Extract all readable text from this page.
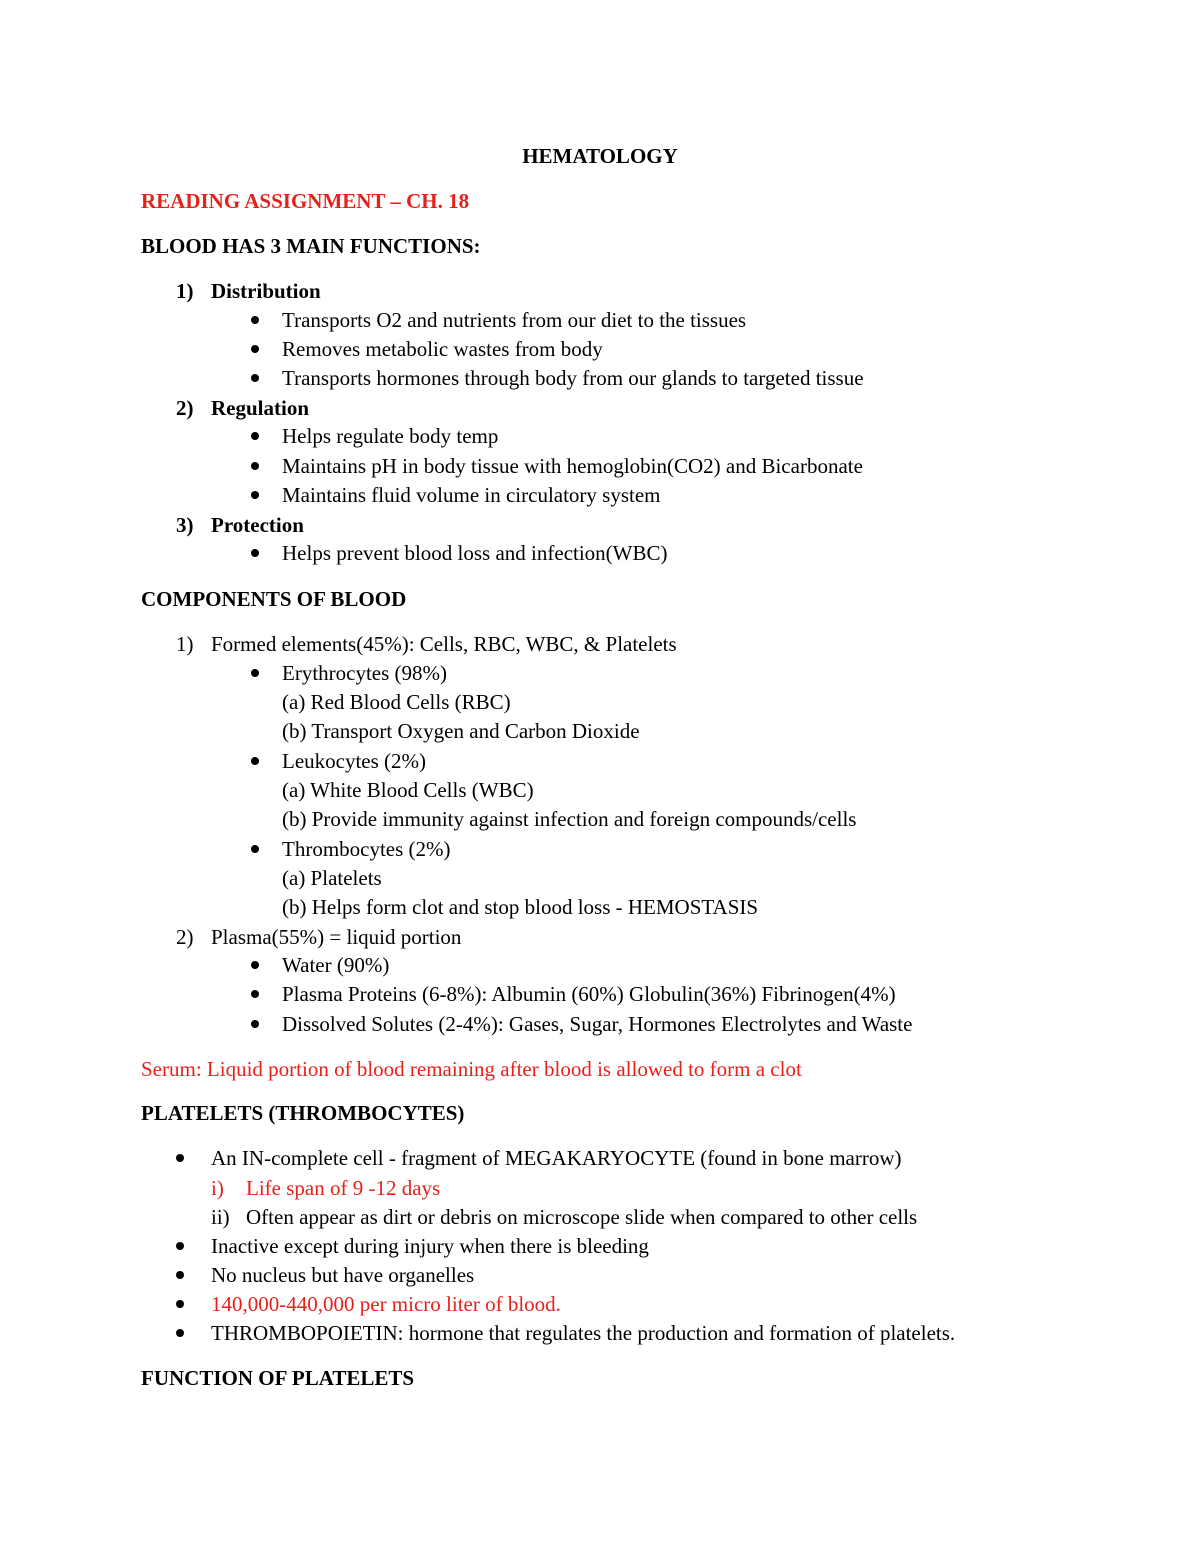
HEMATOLOGY
READING ASSIGNMENT – CH. 18
BLOOD HAS 3 MAIN FUNCTIONS:
1) Distribution
Transports O2 and nutrients from our diet to the tissues
Removes metabolic wastes from body
Transports hormones through body from our glands to targeted tissue
2) Regulation
Helps regulate body temp
Maintains pH in body tissue with hemoglobin(CO2) and Bicarbonate
Maintains fluid volume in circulatory system
3) Protection
Helps prevent blood loss and infection(WBC)
COMPONENTS OF BLOOD
1) Formed elements(45%): Cells, RBC, WBC, & Platelets
Erythrocytes (98%)
(a) Red Blood Cells (RBC)
(b) Transport Oxygen and Carbon Dioxide
Leukocytes (2%)
(a) White Blood Cells (WBC)
(b) Provide immunity against infection and foreign compounds/cells
Thrombocytes (2%)
(a) Platelets
(b) Helps form clot and stop blood loss - HEMOSTASIS
2) Plasma(55%) = liquid portion
Water (90%)
Plasma Proteins (6-8%): Albumin (60%) Globulin(36%) Fibrinogen(4%)
Dissolved Solutes (2-4%): Gases, Sugar, Hormones Electrolytes and Waste
Serum: Liquid portion of blood remaining after blood is allowed to form a clot
PLATELETS (THROMBOCYTES)
An IN-complete cell - fragment of MEGAKARYOCYTE (found in bone marrow)
i) Life span of 9 -12 days
ii) Often appear as dirt or debris on microscope slide when compared to other cells
Inactive except during injury when there is bleeding
No nucleus but have organelles
140,000-440,000 per micro liter of blood.
THROMBOPOIETIN: hormone that regulates the production and formation of platelets.
FUNCTION OF PLATELETS
